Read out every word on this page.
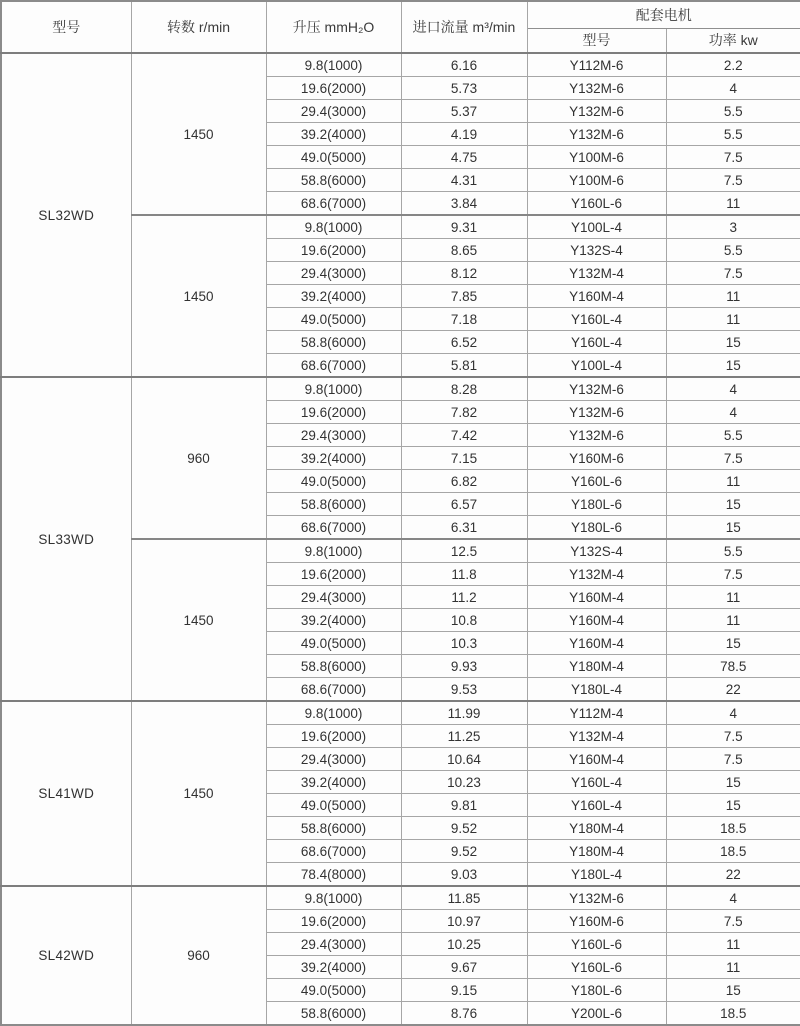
型号	转数 r/min	升压 mmH₂O	进口流量 m³/min	配套电机	
				型号	功率 kw
SL32WD	1450	9.8(1000)	6.16	Y112M-6	2.2
		19.6(2000)	5.73	Y132M-6	4
		29.4(3000)	5.37	Y132M-6	5.5
		39.2(4000)	4.19	Y132M-6	5.5
		49.0(5000)	4.75	Y100M-6	7.5
		58.8(6000)	4.31	Y100M-6	7.5
		68.6(7000)	3.84	Y160L-6	11
	1450	9.8(1000)	9.31	Y100L-4	3
		19.6(2000)	8.65	Y132S-4	5.5
		29.4(3000)	8.12	Y132M-4	7.5
		39.2(4000)	7.85	Y160M-4	11
		49.0(5000)	7.18	Y160L-4	11
		58.8(6000)	6.52	Y160L-4	15
		68.6(7000)	5.81	Y100L-4	15
SL33WD	960	9.8(1000)	8.28	Y132M-6	4
		19.6(2000)	7.82	Y132M-6	4
		29.4(3000)	7.42	Y132M-6	5.5
		39.2(4000)	7.15	Y160M-6	7.5
		49.0(5000)	6.82	Y160L-6	11
		58.8(6000)	6.57	Y180L-6	15
		68.6(7000)	6.31	Y180L-6	15
	1450	9.8(1000)	12.5	Y132S-4	5.5
		19.6(2000)	11.8	Y132M-4	7.5
		29.4(3000)	11.2	Y160M-4	11
		39.2(4000)	10.8	Y160M-4	11
		49.0(5000)	10.3	Y160M-4	15
		58.8(6000)	9.93	Y180M-4	78.5
		68.6(7000)	9.53	Y180L-4	22
SL41WD	1450	9.8(1000)	11.99	Y112M-4	4
		19.6(2000)	11.25	Y132M-4	7.5
		29.4(3000)	10.64	Y160M-4	7.5
		39.2(4000)	10.23	Y160L-4	15
		49.0(5000)	9.81	Y160L-4	15
		58.8(6000)	9.52	Y180M-4	18.5
		68.6(7000)	9.52	Y180M-4	18.5
		78.4(8000)	9.03	Y180L-4	22
SL42WD	960	9.8(1000)	11.85	Y132M-6	4
		19.6(2000)	10.97	Y160M-6	7.5
		29.4(3000)	10.25	Y160L-6	11
		39.2(4000)	9.67	Y160L-6	11
		49.0(5000)	9.15	Y180L-6	15
		58.8(6000)	8.76	Y200L-6	18.5
